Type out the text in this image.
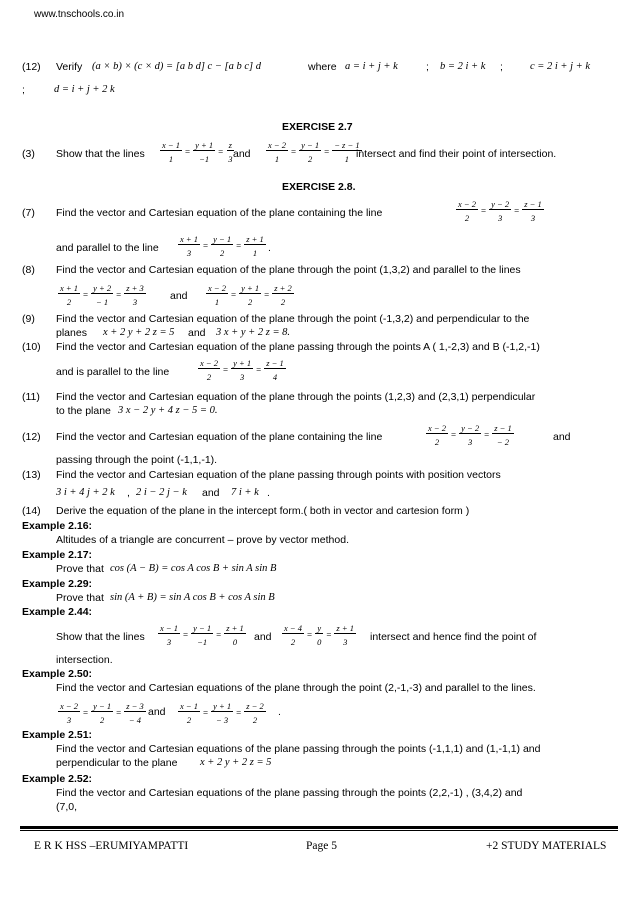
www.tnschools.co.in
(12) Verify (a × b) × (c × d) = [a b d] c − [a b c] d	where a = i + j + k	; b = 2 i + k ;	c = 2 i + j + k
;	d = i + j + 2 k
EXERCISE 2.7
(3) Show that the lines $\frac{x - 1}{1} = \frac{y + 1}{-1} = \frac{z}{3}$
and $\frac{x - 2}{1} = \frac{y - 1}{2} = \frac{- z - 1}{1}$
intersect and find their point of intersection.
EXERCISE 2.8.
(7) Find the vector and Cartesian equation of the plane containing the line	$\frac{x - 2}{2} = \frac{y - 2}{3} = \frac{z - 1}{3}$
and parallel to the line $\frac{x + 1}{3} = \frac{y - 1}{2} = \frac{z + 1}{1}$ .
(8) Find the vector and Cartesian equation of the plane through the point (1,3,2) and parallel to the lines
$\frac{x + 1}{2} = \frac{y + 2}{- 1} = \frac{z + 3}{3}$ and $\frac{x - 2}{1} = \frac{y + 1}{2} = \frac{z + 2}{2}$
(9) Find the vector and Cartesian equation of the plane through the point (-1,3,2) and perpendicular to the
planes x + 2 y + 2 z = 5 and 3 x + y + 2 z = 8.
(10) Find the vector and Cartesian equation of the plane passing through the points A ( 1,-2,3) and B (-1,2,-1)
and is parallel to the line	$\frac{x - 2}{2} = \frac{y + 1}{3} = \frac{z - 1}{4}$
(11) Find the vector and Cartesian equation of the plane through the points (1,2,3) and (2,3,1) perpendicular
to the plane 3 x − 2 y + 4 z − 5 = 0.
(12) Find the vector and Cartesian equation of the plane containing the line	$\frac{x - 2}{2} = \frac{y - 2}{3} = \frac{z - 1}{- 2}$	and
passing through the point (-1,1,-1).
(13) Find the vector and Cartesian equation of the plane passing through points with position vectors
3 i + 4 j + 2 k , 2 i − 2 j − k and 7 i + k .
(14) Derive the equation of the plane in the intercept form.( both in vector and cartesion form )
Example 2.16:
Altitudes of a triangle are concurrent – prove by vector method.
Example 2.17:
Prove that cos (A − B) = cos A cos B + sin A sin B
Example 2.29:
Prove that sin (A + B) = sin A cos B + cos A sin B
Example 2.44:
Show that the lines $\frac{x - 1}{3} = \frac{y - 1}{-1} = \frac{z + 1}{0}$ and $\frac{x - 4}{2} = \frac{y}{0} = \frac{z + 1}{3}$ intersect and hence find the point of
intersection.
Example 2.50:
Find the vector and Cartesian equations of the plane through the point (2,-1,-3) and parallel to the lines.
$\frac{x - 2}{3} = \frac{y - 1}{2} = \frac{z - 3}{- 4}$ and $\frac{x - 1}{2} = \frac{y + 1}{- 3} = \frac{z - 2}{2}$ .
Example 2.51:
Find the vector and Cartesian equations of the plane passing through the points (-1,1,1) and (1,-1,1) and
perpendicular to the plane x + 2 y + 2 z = 5
Example 2.52:
Find the vector and Cartesian equations of the plane passing through the points (2,2,-1) , (3,4,2) and
(7,0,
E R K HSS –ERUMIYAMPATTI	Page 5	+2 STUDY MATERIALS
